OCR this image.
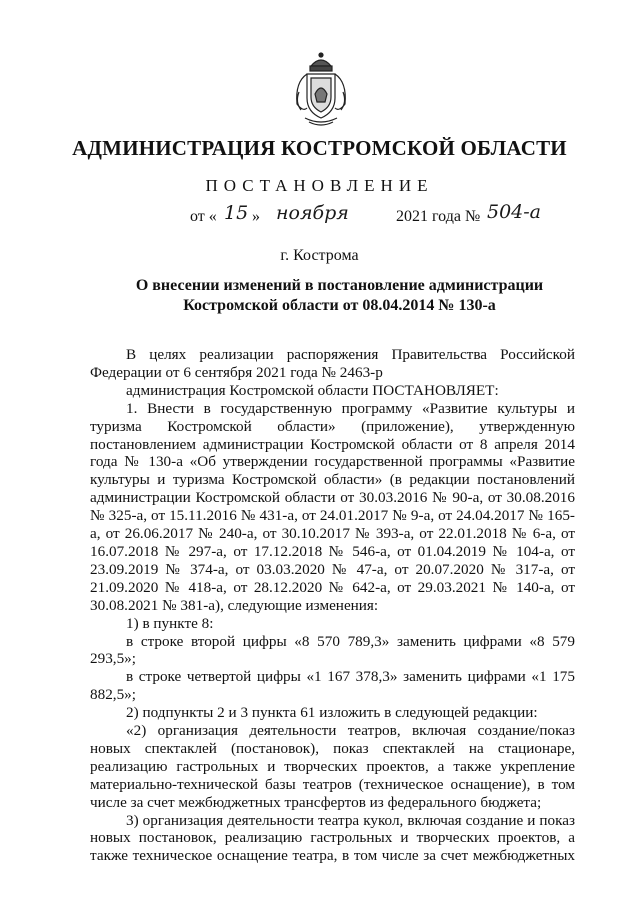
АДМИНИСТРАЦИЯ КОСТРОМСКОЙ ОБЛАСТИ
ПОСТАНОВЛЕНИЕ
от « 15 » ноября	2021 года № 504-а
г. Кострома
О внесении изменений в постановление администрации
Костромской области от 08.04.2014 № 130-а

В целях реализации распоряжения Правительства Российской Федерации от 6 сентября 2021 года № 2463-р

администрация Костромской области ПОСТАНОВЛЯЕТ:

1. Внести в государственную программу «Развитие культуры и туризма Костромской области» (приложение), утвержденную постановлением администрации Костромской области от 8 апреля 2014 года № 130-а «Об утверждении государственной программы «Развитие культуры и туризма Костромской области» (в редакции постановлений администрации Костромской области от 30.03.2016 № 90-а, от 30.08.2016 № 325-а, от 15.11.2016 № 431-а, от 24.01.2017 № 9-а, от 24.04.2017 № 165-а, от 26.06.2017 № 240-а, от 30.10.2017 № 393-а, от 22.01.2018 № 6-а, от 16.07.2018 № 297-а, от 17.12.2018 № 546-а, от 01.04.2019 № 104-а, от 23.09.2019 № 374-а, от 03.03.2020 № 47-а, от 20.07.2020 № 317-а, от 21.09.2020 № 418-а, от 28.12.2020 № 642-а, от 29.03.2021 № 140-а, от 30.08.2021 № 381-а), следующие изменения:

1) в пункте 8:

в строке второй цифры «8 570 789,3» заменить цифрами «8 579 293,5»;

в строке четвертой цифры «1 167 378,3» заменить цифрами «1 175 882,5»;

2) подпункты 2 и 3 пункта 61 изложить в следующей редакции:

«2) организация деятельности театров, включая создание/показ новых спектаклей (постановок), показ спектаклей на стационаре, реализацию гастрольных и творческих проектов, а также укрепление материально-технической базы театров (техническое оснащение), в том числе за счет межбюджетных трансфертов из федерального бюджета;

3) организация деятельности театра кукол, включая создание и показ новых постановок, реализацию гастрольных и творческих проектов, а также техническое оснащение театра, в том числе за счет межбюджетных
